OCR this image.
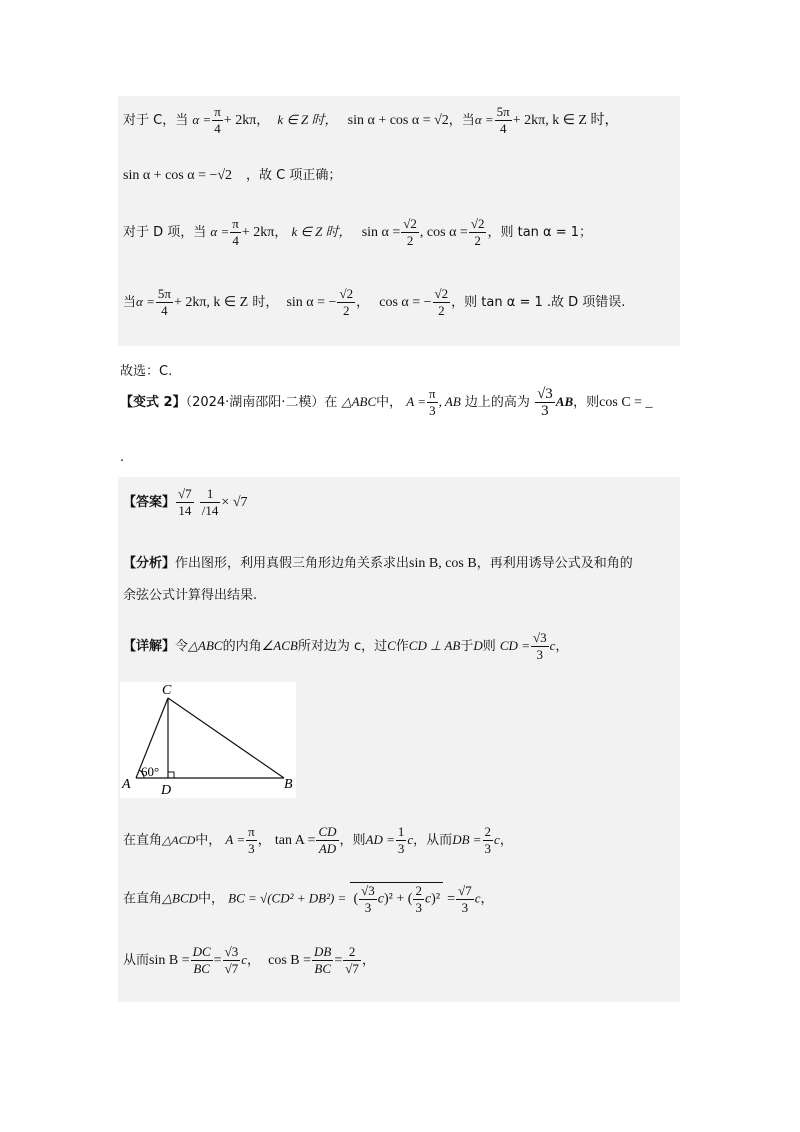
对于 C，当 $\alpha = \frac{\pi}{4} + 2k\pi$， k ∈ Z 时， sin α + cos α = √2，当$\alpha = \frac{5\pi}{4} + 2k\pi$, k ∈ Z 时，
sin α + cos α = −√2 ，故 C 项正确；
对于 D 项，当 $\alpha = \frac{\pi}{4} + 2k\pi$， k ∈ Z 时， $\sin \alpha = \frac{√2}{2}$ , $\cos \alpha = \frac{√2}{2}$ ，则 tan α = 1；
当$\alpha = \frac{5\pi}{4} + 2k\pi$, k ∈ Z 时， sin α = − $\frac{√2}{2}$ ， cos α = − $\frac{√2}{2}$ ，则 tan α = 1 .故 D 项错误.
故选：C.
【变式 2】（2024·湖南邵阳·二模）在 △ABC中， $A = \frac{\pi}{3}$ , AB 边上的高为 $\frac{√3}{3}$ AB，则cos C = _
.
【答案】 $\frac{√7}{14}$
$\frac{1}{/14} \times √7$
【分析】作出图形，利用真假三角形边角关系求出sin B, cos B，再利用诱导公式及和角的
余弦公式计算得出结果.
【详解】令△ABC的内角∠ACB所对边为 c，过C作CD ⊥ AB于D则 CD = $\frac{√3}{3}$ c，
C
A	B
D
60°
在直角△ACD中， $A = \frac{\pi}{3}$ ， $\tan A = \frac{CD}{AD}$ ，则AD = $\frac{1}{3}$ c，从而DB = $\frac{2}{3}$ c，
在直角△BCD中， BC = √(CD² + DB²) = ( $\frac{√3}{3} c)^2$ + ( $\frac{2}{3} c)^2 = \frac{√7}{3}$ c，
从而$\sin B = \frac{DC}{BC} = \frac{√3}{√7}$ c， $\cos B = \frac{DB}{BC} = \frac{2}{√7}$ ，
